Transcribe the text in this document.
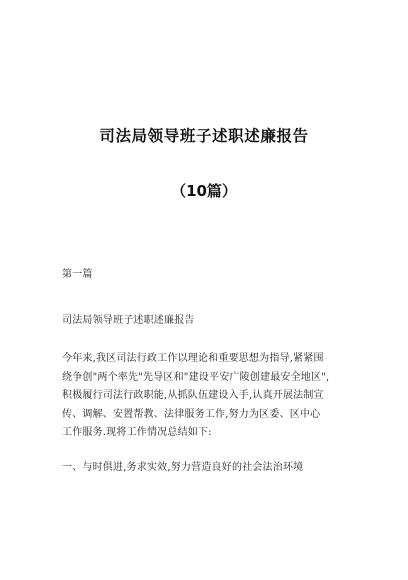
司法局领导班子述职述廉报告
（10篇）
第一篇
司法局领导班子述职述廉报告
今年来,我区司法行政工作以理论和重要思想为指导,紧紧围
绕争创"两个率先"先导区和"建设平安广陵创建最安全地区",
积极履行司法行政职能,从抓队伍建设入手,认真开展法制宣
传、调解、安置帮教、法律服务工作,努力为区委、区中心
工作服务.现将工作情况总结如下:
一、与时俱进,务求实效,努力营造良好的社会法治环境
